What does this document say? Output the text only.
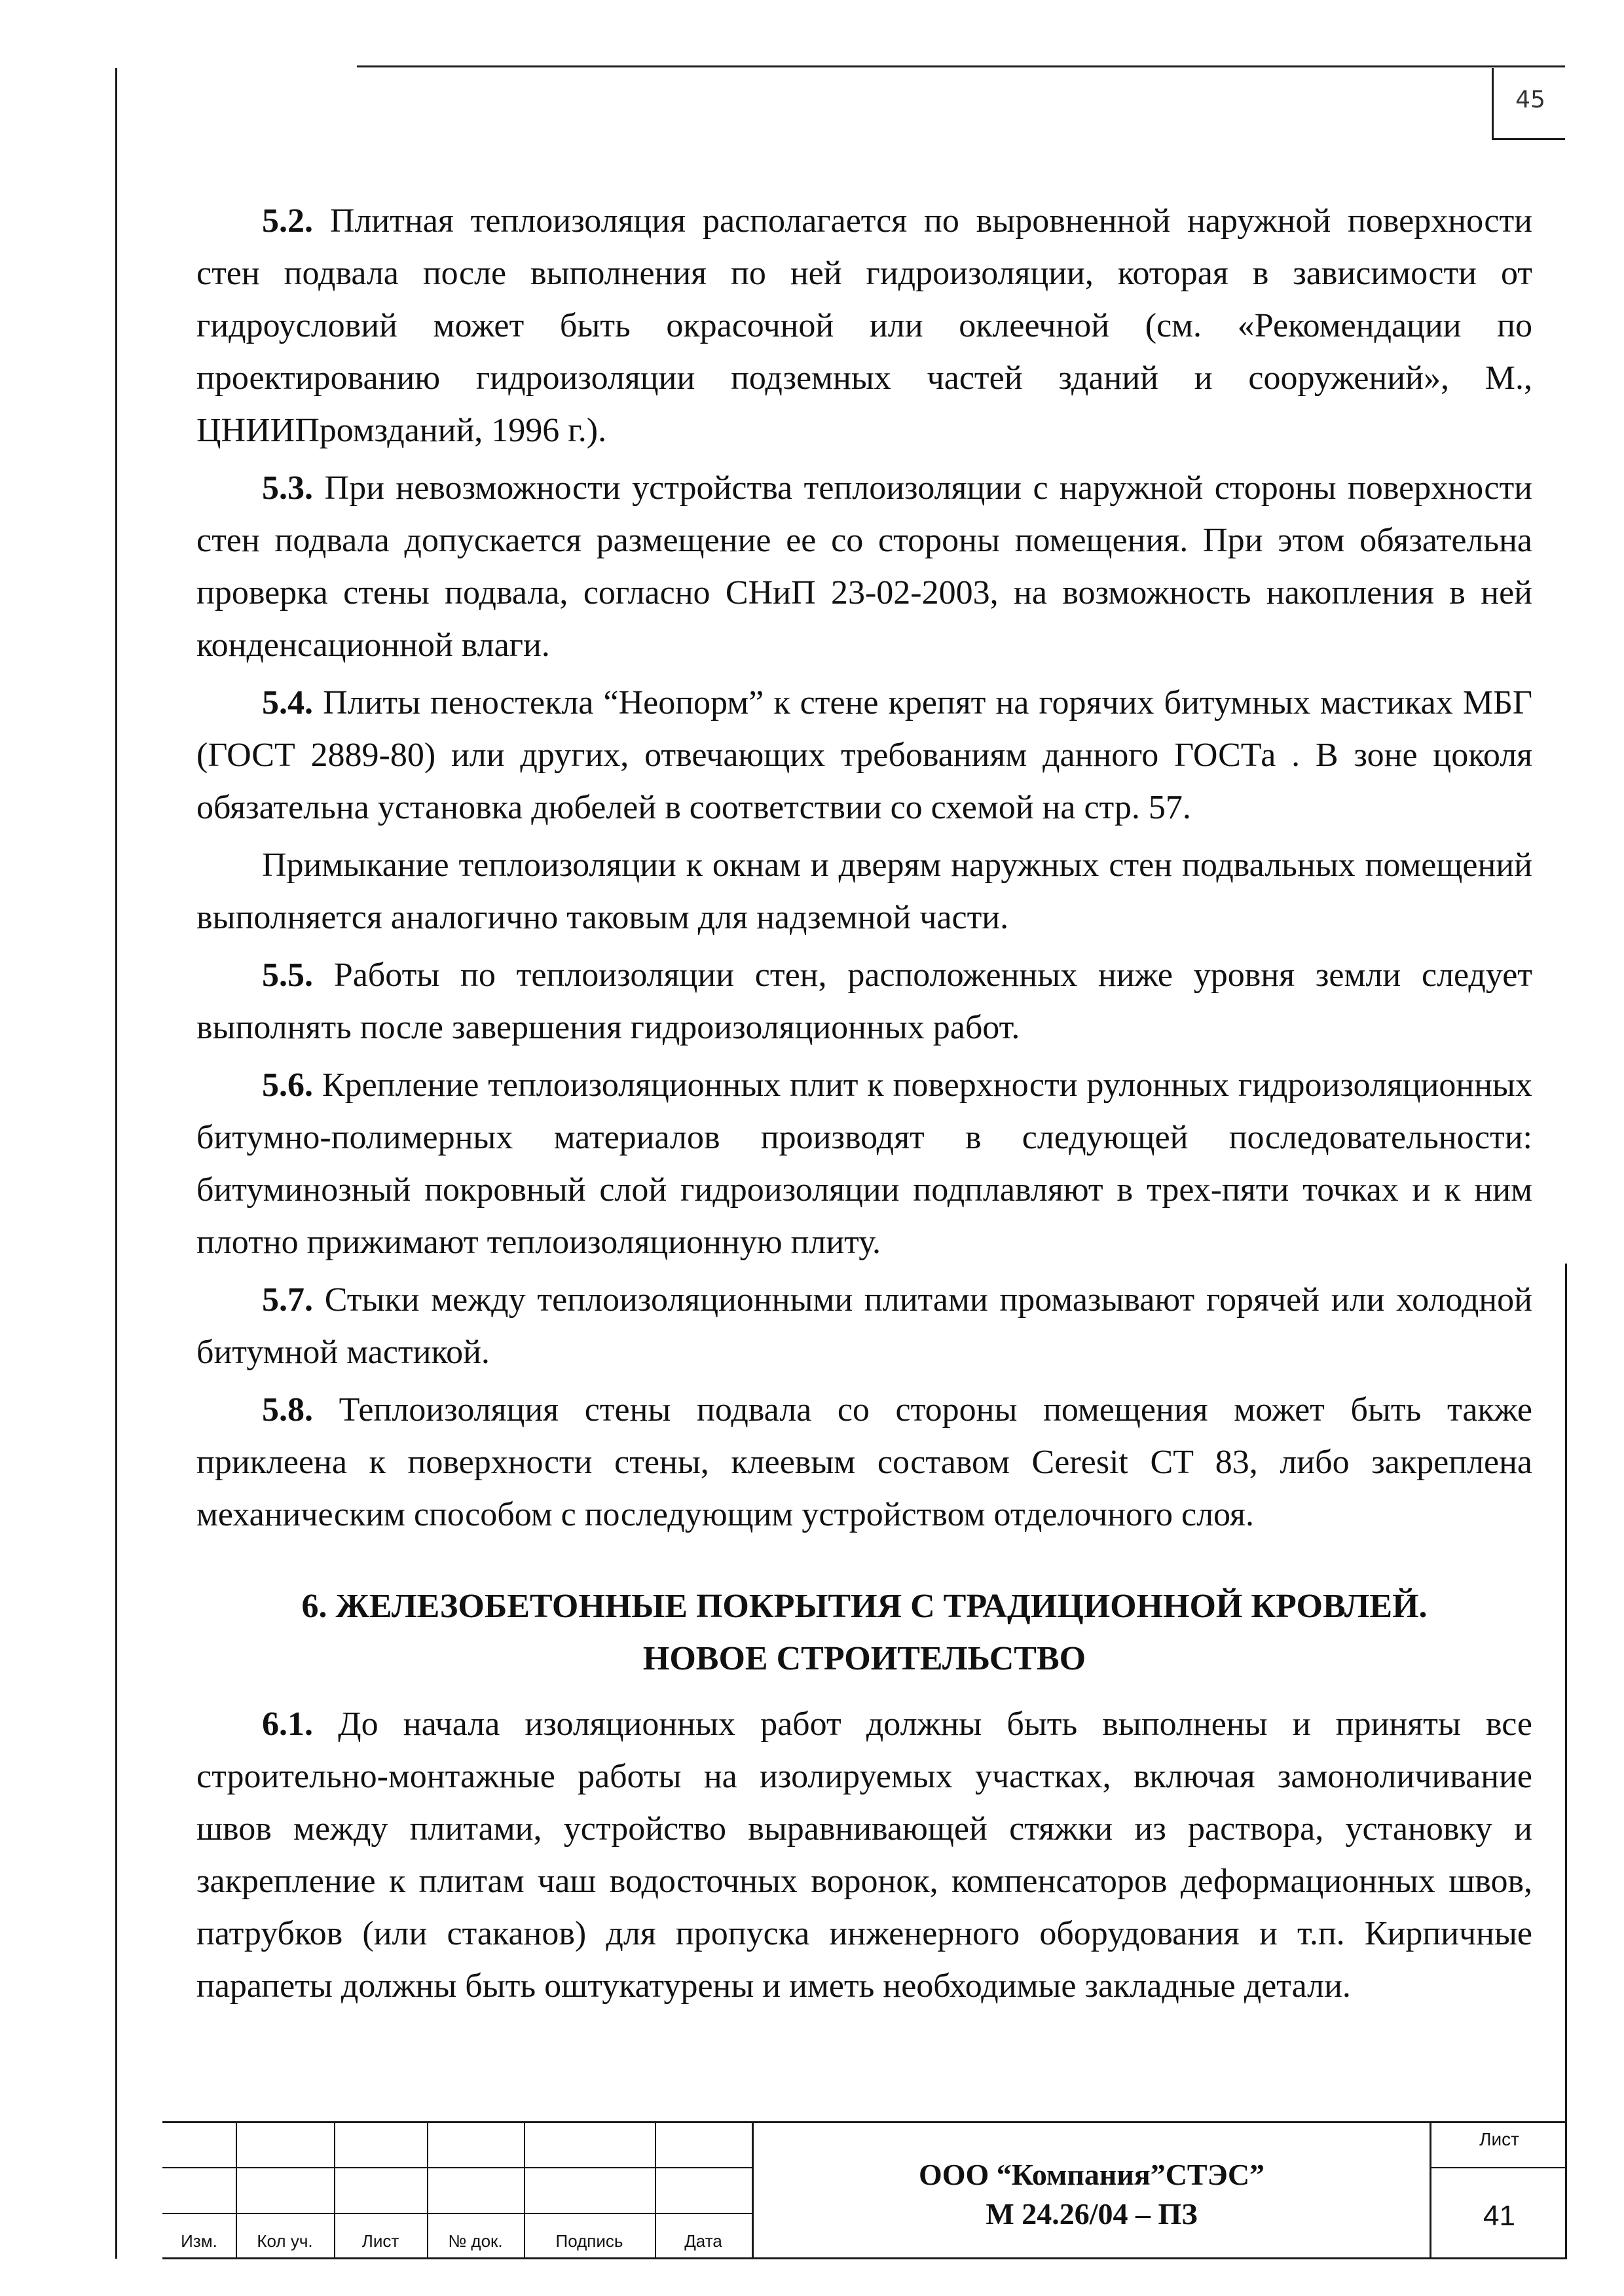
45

5.2. Плитная теплоизоляция располагается по выровненной наружной поверхности стен подвала после выполнения по ней гидроизоляции, которая в зависимости от гидроусловий может быть окрасочной или оклеечной (см. «Рекомендации по проектированию гидроизоляции подземных частей зданий и сооружений», М., ЦНИИПромзданий, 1996 г.).

5.3. При невозможности устройства теплоизоляции с наружной стороны поверхности стен подвала допускается размещение ее со стороны помещения. При этом обязательна проверка стены подвала, согласно СНиП 23-02-2003, на возможность накопления в ней конденсационной влаги.

5.4. Плиты пеностекла “Неопорм” к стене крепят на горячих битумных мастиках МБГ (ГОСТ 2889-80) или других, отвечающих требованиям данного ГОСТа . В зоне цоколя обязательна установка дюбелей в соответствии со схемой на стр. 57.

Примыкание теплоизоляции к окнам и дверям наружных стен подвальных помещений выполняется аналогично таковым для надземной части.

5.5. Работы по теплоизоляции стен, расположенных ниже уровня земли следует выполнять после завершения гидроизоляционных работ.

5.6. Крепление теплоизоляционных плит к поверхности рулонных гидроизоляционных битумно-полимерных материалов производят в следующей последовательности: битуминозный покровный слой гидроизоляции подплавляют в трех-пяти точках и к ним плотно прижимают теплоизоляционную плиту.

5.7. Стыки между теплоизоляционными плитами промазывают горячей или холодной битумной мастикой.

5.8. Теплоизоляция стены подвала со стороны помещения может быть также приклеена к поверхности стены, клеевым составом Ceresit CT 83, либо закреплена механическим способом с последующим устройством отделочного слоя.

6. ЖЕЛЕЗОБЕТОННЫЕ ПОКРЫТИЯ С ТРАДИЦИОННОЙ КРОВЛЕЙ.
НОВОЕ СТРОИТЕЛЬСТВО

6.1. До начала изоляционных работ должны быть выполнены и приняты все строительно-монтажные работы на изолируемых участках, включая замоноличивание швов между плитами, устройство выравнивающей стяжки из раствора, установку и закрепление к плитам чаш водосточных воронок, компенсаторов деформационных швов, патрубков (или стаканов) для пропуска инженерного оборудования и т.п. Кирпичные парапеты должны быть оштукатурены и иметь необходимые закладные детали.

Изм.	Кол уч.	Лист	№ док.	Подпись	Дата
ООО “Компания”СТЭС”
М 24.26/04 – ПЗ
Лист
41
